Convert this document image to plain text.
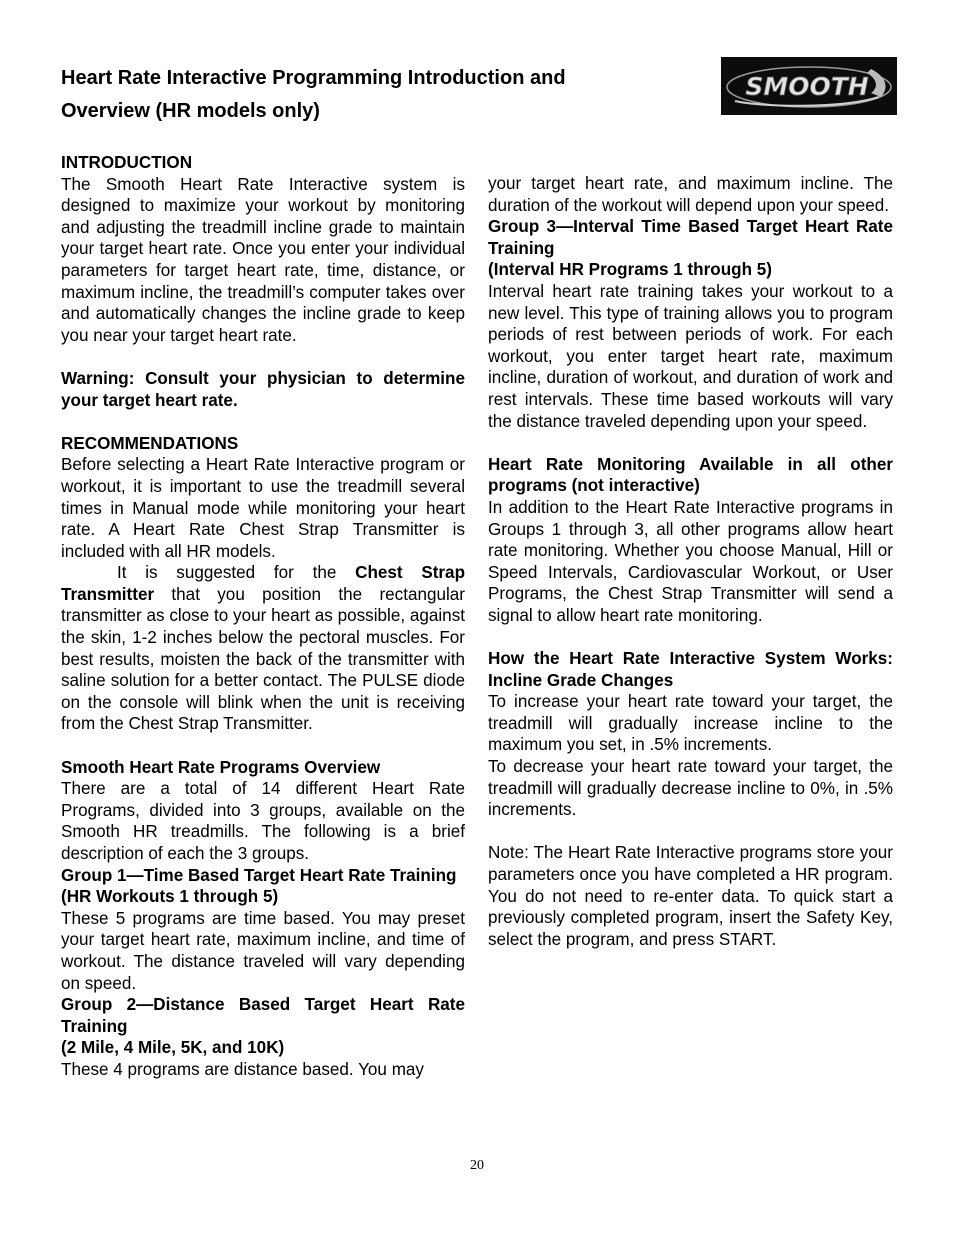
Heart Rate Interactive Programming Introduction and
Overview (HR models only)
SMOOTH

INTRODUCTION

The Smooth Heart Rate Interactive system is designed to maximize your workout by monitoring and adjusting the treadmill incline grade to maintain your target heart rate. Once you enter your individual parameters for target heart rate, time, distance, or maximum incline, the treadmill’s computer takes over and automatically changes the incline grade to keep you near your target heart rate.

Warning: Consult your physician to determine your target heart rate.

RECOMMENDATIONS

Before selecting a Heart Rate Interactive program or workout, it is important to use the treadmill several times in Manual mode while monitoring your heart rate. A Heart Rate Chest Strap Transmitter is included with all HR models.

It is suggested for the Chest Strap Transmitter that you position the rectangular transmitter as close to your heart as possible, against the skin, 1-2 inches below the pectoral muscles. For best results, moisten the back of the transmitter with saline solution for a better contact. The PULSE diode on the console will blink when the unit is receiving from the Chest Strap Transmitter.

Smooth Heart Rate Programs Overview

There are a total of 14 different Heart Rate Programs, divided into 3 groups, available on the Smooth HR treadmills. The following is a brief description of each the 3 groups.

Group 1—Time Based Target Heart Rate Training

(HR Workouts 1 through 5)

These 5 programs are time based. You may preset your target heart rate, maximum incline, and time of workout. The distance traveled will vary depending on speed.

Group 2—Distance Based Target Heart Rate Training

(2 Mile, 4 Mile, 5K, and 10K)

These 4 programs are distance based. You may

your target heart rate, and maximum incline. The duration of the workout will depend upon your speed.

Group 3—Interval Time Based Target Heart Rate Training

(Interval HR Programs 1 through 5)

Interval heart rate training takes your workout to a new level. This type of training allows you to program periods of rest between periods of work. For each workout, you enter target heart rate, maximum incline, duration of workout, and duration of work and rest intervals. These time based workouts will vary the distance traveled depending upon your speed.

Heart Rate Monitoring Available in all other programs (not interactive)

In addition to the Heart Rate Interactive programs in Groups 1 through 3, all other programs allow heart rate monitoring. Whether you choose Manual, Hill or Speed Intervals, Cardiovascular Workout, or User Programs, the Chest Strap Transmitter will send a signal to allow heart rate monitoring.

How the Heart Rate Interactive System Works: Incline Grade Changes

To increase your heart rate toward your target, the treadmill will gradually increase incline to the maximum you set, in .5% increments.

To decrease your heart rate toward your target, the treadmill will gradually decrease incline to 0%, in .5% increments.

Note: The Heart Rate Interactive programs store your parameters once you have completed a HR program. You do not need to re-enter data. To quick start a previously completed program, insert the Safety Key, select the program, and press START.

20
